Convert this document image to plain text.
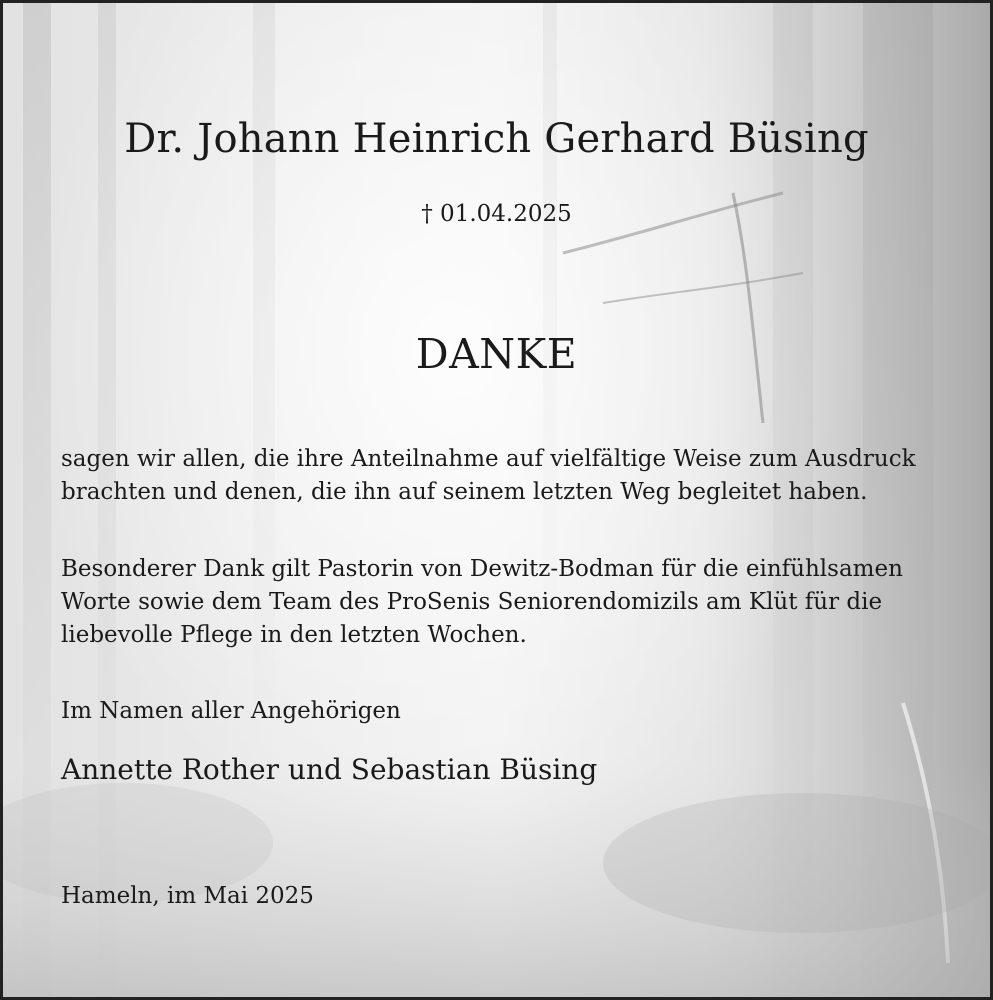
Dr. Johann Heinrich Gerhard Büsing
† 01.04.2025
DANKE
sagen wir allen, die ihre Anteilnahme auf vielfältige Weise zum Ausdruck
brachten und denen, die ihn auf seinem letzten Weg begleitet haben.
Besonderer Dank gilt Pastorin von Dewitz-Bodman für die einfühlsamen
Worte sowie dem Team des ProSenis Seniorendomizils am Klüt für die
liebevolle Pflege in den letzten Wochen.
Im Namen aller Angehörigen
Annette Rother und Sebastian Büsing
Hameln, im Mai 2025
